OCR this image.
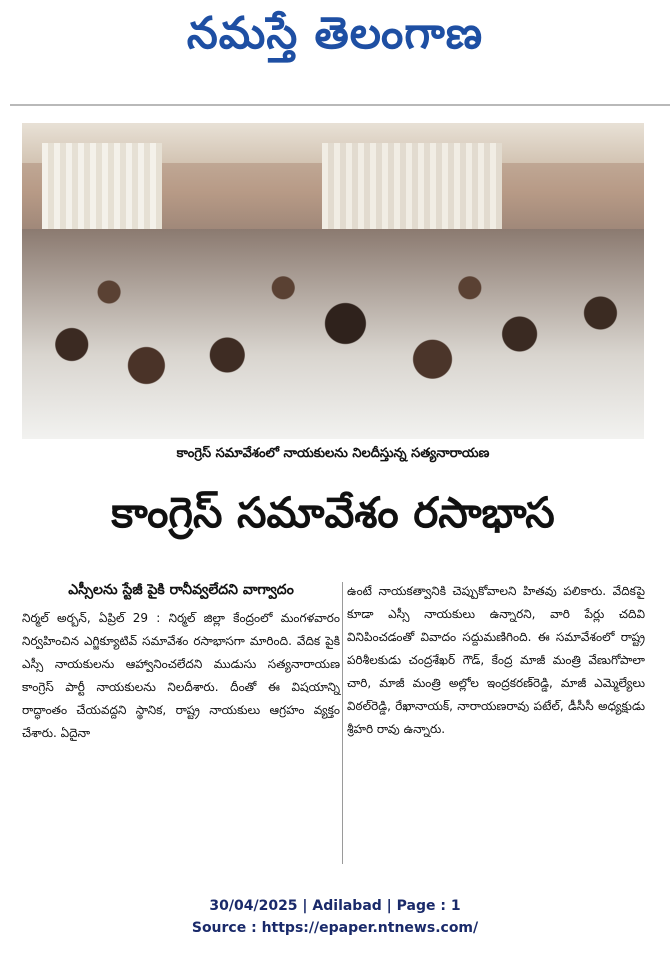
నమస్తే తెలంగాణ
కాంగ్రెస్ సమావేశంలో నాయకులను నిలదీస్తున్న సత్యనారాయణ
కాంగ్రెస్ సమావేశం రసాభాస
ఎస్సీలను స్టేజీ పైకి రానీవ్వలేదని వాగ్వాదం

నిర్మల్ అర్బన్, ఏప్రిల్ 29 : నిర్మల్ జిల్లా కేంద్రంలో మంగళవారం నిర్వహించిన ఎగ్జిక్యూటివ్ సమావేశం రసాభాసగా మారింది. వేదిక పైకి ఎస్సీ నాయకులను ఆహ్వానించలేదని ముడుసు సత్యనారాయణ కాంగ్రెస్ పార్టీ నాయకులను నిలదీశారు. దీంతో ఈ విషయాన్ని రాద్ధాంతం చేయవద్దని స్థానిక, రాష్ట్ర నాయకులు ఆగ్రహం వ్యక్తం చేశారు. ఏదైనా

ఉంటే నాయకత్వానికి చెప్పుకోవాలని హితవు పలికారు. వేదికపై కూడా ఎస్సీ నాయకులు ఉన్నారని, వారి పేర్లు చదివి వినిపించడంతో వివాదం సద్దుమణిగింది. ఈ సమావేశంలో రాష్ట్ర పరిశీలకుడు చంద్రశేఖర్ గౌడ్, కేంద్ర మాజీ మంత్రి వేణుగోపాలా చారి, మాజీ మంత్రి అల్లోల ఇంద్రకరణ్‌రెడ్డి, మాజీ ఎమ్మెల్యేలు విఠల్‌రెడ్డి, రేఖానాయక్, నారాయణరావు పటేల్, డీసీసీ అధ్యక్షుడు శ్రీహరి రావు ఉన్నారు.

30/04/2025 | Adilabad | Page : 1
Source : https://epaper.ntnews.com/
